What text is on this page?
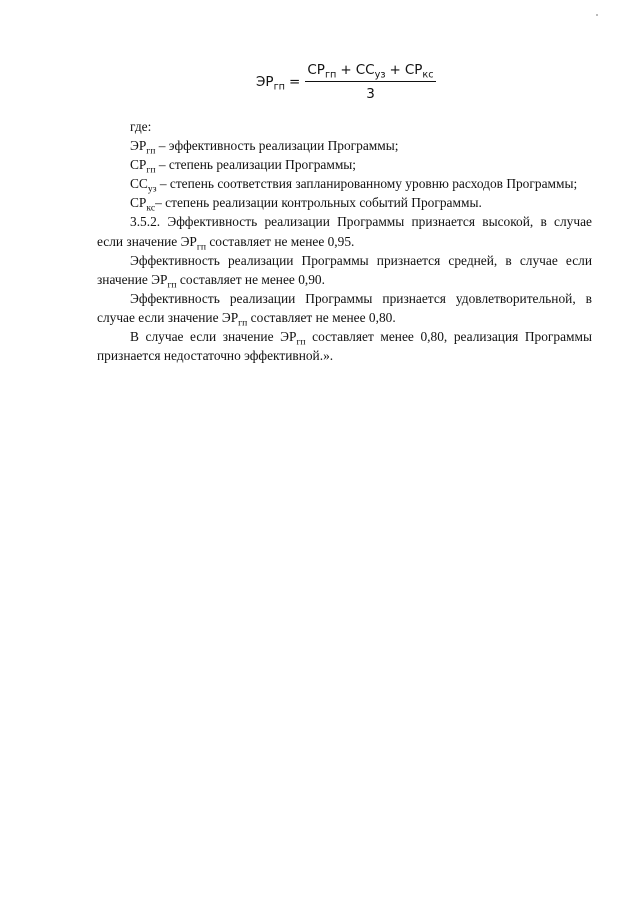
$ЭР_{гп} = \frac{СР_{гп} + СС_{уз} + СР_{кс}}{3}$

где:

$ЭР_{гп}$ – эффективность реализации Программы;

$СР_{гп}$ – степень реализации Программы;

$СС_{уз}$ – степень соответствия запланированному уровню расходов Программы;

$СР_{кс}-$ степень реализации контрольных событий Программы.

3.5.2. Эффективность реализации Программы признается высокой, в случае если значение $ЭР_{гп}$ составляет не менее 0,95.

Эффективность реализации Программы признается средней, в случае если значение $ЭР_{гп}$ составляет не менее 0,90.

Эффективность реализации Программы признается удовлетворительной, в случае если значение $ЭР_{гп}$ составляет не менее 0,80.

В случае если значение $ЭР_{гп}$ составляет менее 0,80, реализация Программы признается недостаточно эффективной.».
